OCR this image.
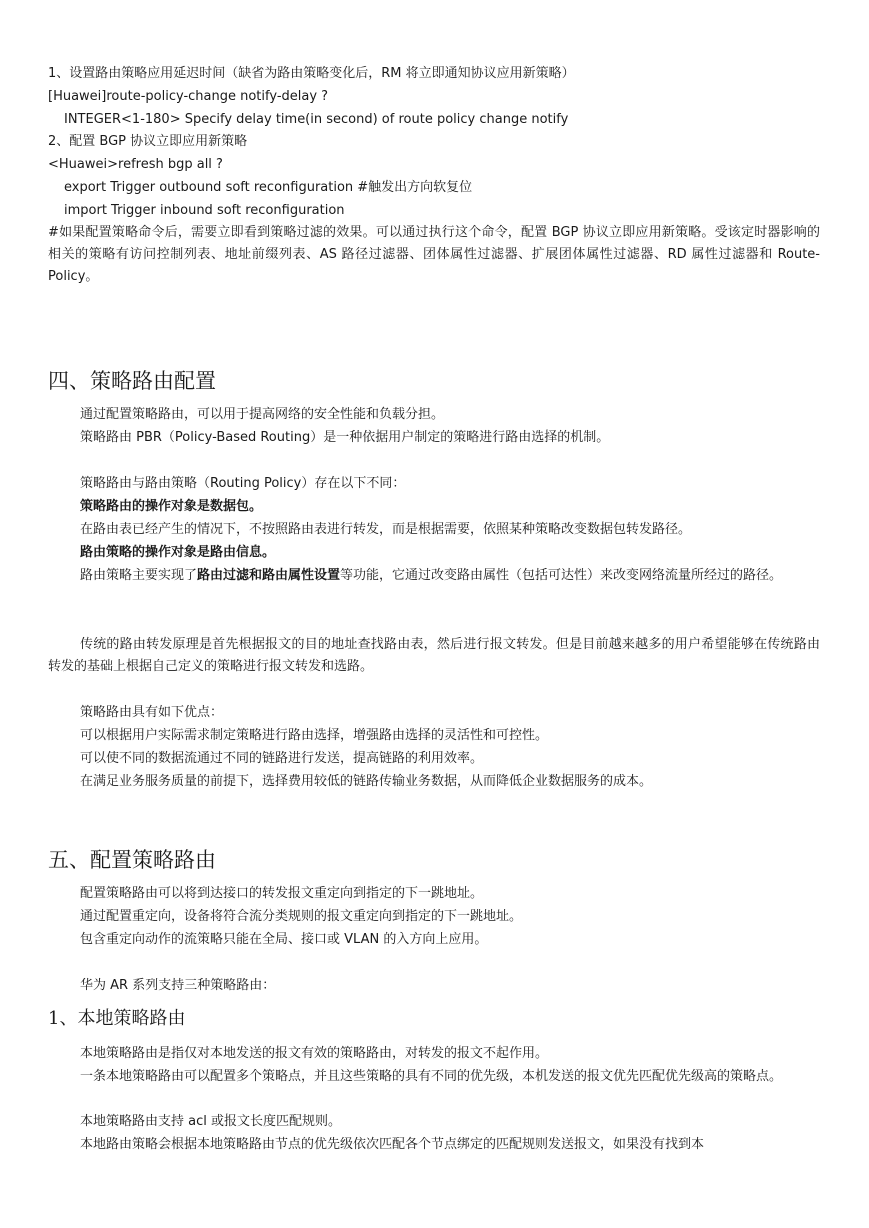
1、设置路由策略应用延迟时间（缺省为路由策略变化后，RM 将立即通知协议应用新策略）
[Huawei]route-policy-change notify-delay ?
INTEGER<1-180> Specify delay time(in second) of route policy change notify
2、配置 BGP 协议立即应用新策略
<Huawei>refresh bgp all ?
export Trigger outbound soft reconfiguration #触发出方向软复位
import Trigger inbound soft reconfiguration
#如果配置策略命令后，需要立即看到策略过滤的效果。可以通过执行这个命令，配置 BGP 协议立即应用新策略。受该定时器影响的相关的策略有访问控制列表、地址前缀列表、AS 路径过滤器、团体属性过滤器、扩展团体属性过滤器、RD 属性过滤器和 Route-Policy。
四、策略路由配置
通过配置策略路由，可以用于提高网络的安全性能和负载分担。
策略路由 PBR（Policy-Based Routing）是一种依据用户制定的策略进行路由选择的机制。
策略路由与路由策略（Routing Policy）存在以下不同：
策略路由的操作对象是数据包。
在路由表已经产生的情况下，不按照路由表进行转发，而是根据需要，依照某种策略改变数据包转发路径。
路由策略的操作对象是路由信息。
路由策略主要实现了路由过滤和路由属性设置等功能，它通过改变路由属性（包括可达性）来改变网络流量所经过的路径。
传统的路由转发原理是首先根据报文的目的地址查找路由表，然后进行报文转发。但是目前越来越多的用户希望能够在传统路由转发的基础上根据自己定义的策略进行报文转发和选路。
策略路由具有如下优点：
可以根据用户实际需求制定策略进行路由选择，增强路由选择的灵活性和可控性。
可以使不同的数据流通过不同的链路进行发送，提高链路的利用效率。
在满足业务服务质量的前提下，选择费用较低的链路传输业务数据，从而降低企业数据服务的成本。
五、配置策略路由
配置策略路由可以将到达接口的转发报文重定向到指定的下一跳地址。
通过配置重定向，设备将符合流分类规则的报文重定向到指定的下一跳地址。
包含重定向动作的流策略只能在全局、接口或 VLAN 的入方向上应用。
华为 AR 系列支持三种策略路由：
1、本地策略路由
本地策略路由是指仅对本地发送的报文有效的策略路由，对转发的报文不起作用。
一条本地策略路由可以配置多个策略点，并且这些策略的具有不同的优先级，本机发送的报文优先匹配优先级高的策略点。
本地策略路由支持 acl 或报文长度匹配规则。
本地路由策略会根据本地策略路由节点的优先级依次匹配各个节点绑定的匹配规则发送报文，如果没有找到本
